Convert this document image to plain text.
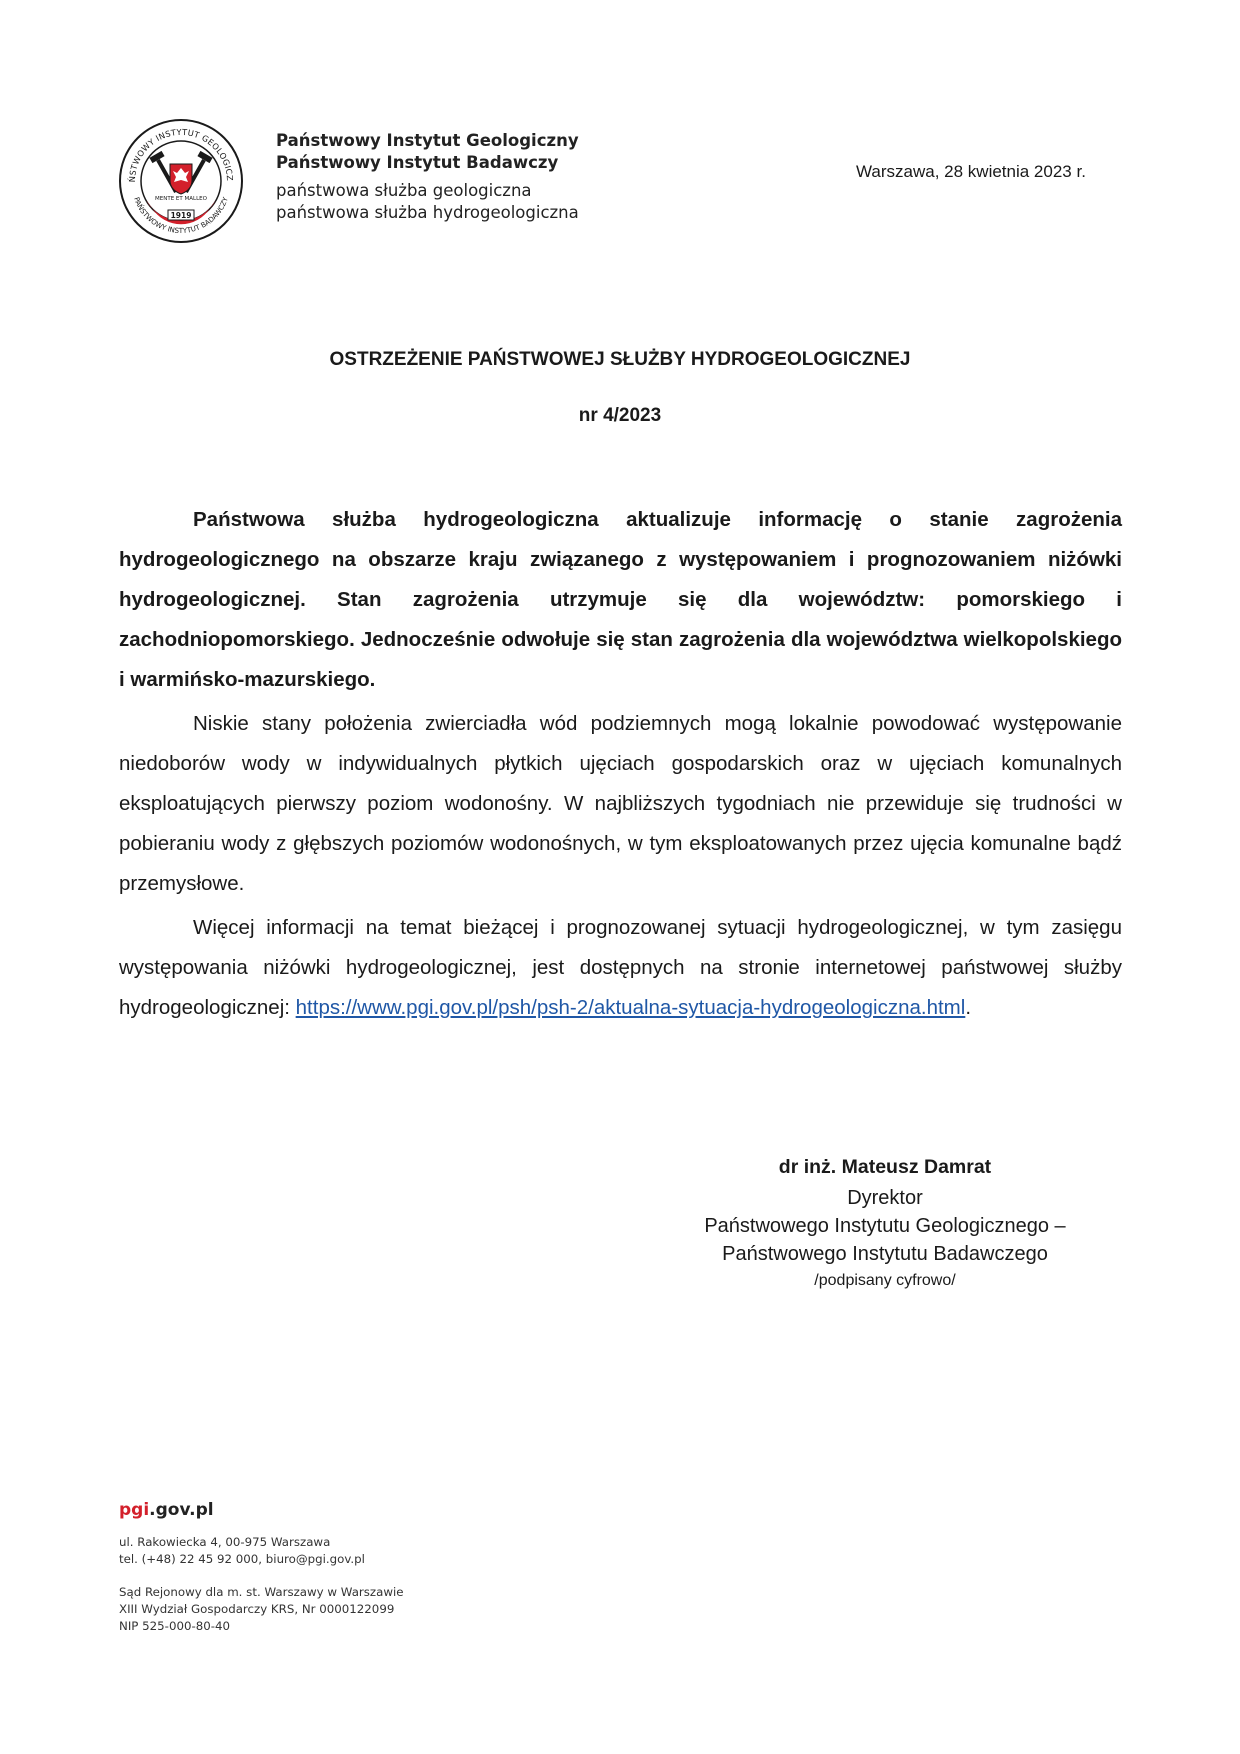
ŃSTWOWY INSTYTUT GEOLOGICZ
PAŃSTWOWY INSTYTUT BADAWCZY
MENTE ET MALLEO
1919
Państwowy Instytut Geologiczny
Państwowy Instytut Badawczy
państwowa służba geologiczna
państwowa służba hydrogeologiczna
Warszawa, 28 kwietnia 2023 r.
OSTRZEŻENIE PAŃSTWOWEJ SŁUŻBY HYDROGEOLOGICZNEJ
nr 4/2023

Państwowa służba hydrogeologiczna aktualizuje informację o stanie zagrożenia hydrogeologicznego na obszarze kraju związanego z występowaniem i prognozowaniem niżówki hydrogeologicznej. Stan zagrożenia utrzymuje się dla województw: pomorskiego i zachodniopomorskiego. Jednocześnie odwołuje się stan zagrożenia dla województwa wielkopolskiego i warmińsko-mazurskiego.

Niskie stany położenia zwierciadła wód podziemnych mogą lokalnie powodować występowanie niedoborów wody w indywidualnych płytkich ujęciach gospodarskich oraz w ujęciach komunalnych eksploatujących pierwszy poziom wodonośny. W najbliższych tygodniach nie przewiduje się trudności w pobieraniu wody z głębszych poziomów wodonośnych, w tym eksploatowanych przez ujęcia komunalne bądź przemysłowe.

Więcej informacji na temat bieżącej i prognozowanej sytuacji hydrogeologicznej, w tym zasięgu występowania niżówki hydrogeologicznej, jest dostępnych na stronie internetowej państwowej służby hydrogeologicznej: https://www.pgi.gov.pl/psh/psh-2/aktualna-sytuacja-hydrogeologiczna.html.

dr inż. Mateusz Damrat
Dyrektor
Państwowego Instytutu Geologicznego –
Państwowego Instytutu Badawczego
/podpisany cyfrowo/
pgi.gov.pl
ul. Rakowiecka 4, 00-975 Warszawa
tel. (+48) 22 45 92 000, biuro@pgi.gov.pl
Sąd Rejonowy dla m. st. Warszawy w Warszawie
XIII Wydział Gospodarczy KRS, Nr 0000122099
NIP 525-000-80-40
